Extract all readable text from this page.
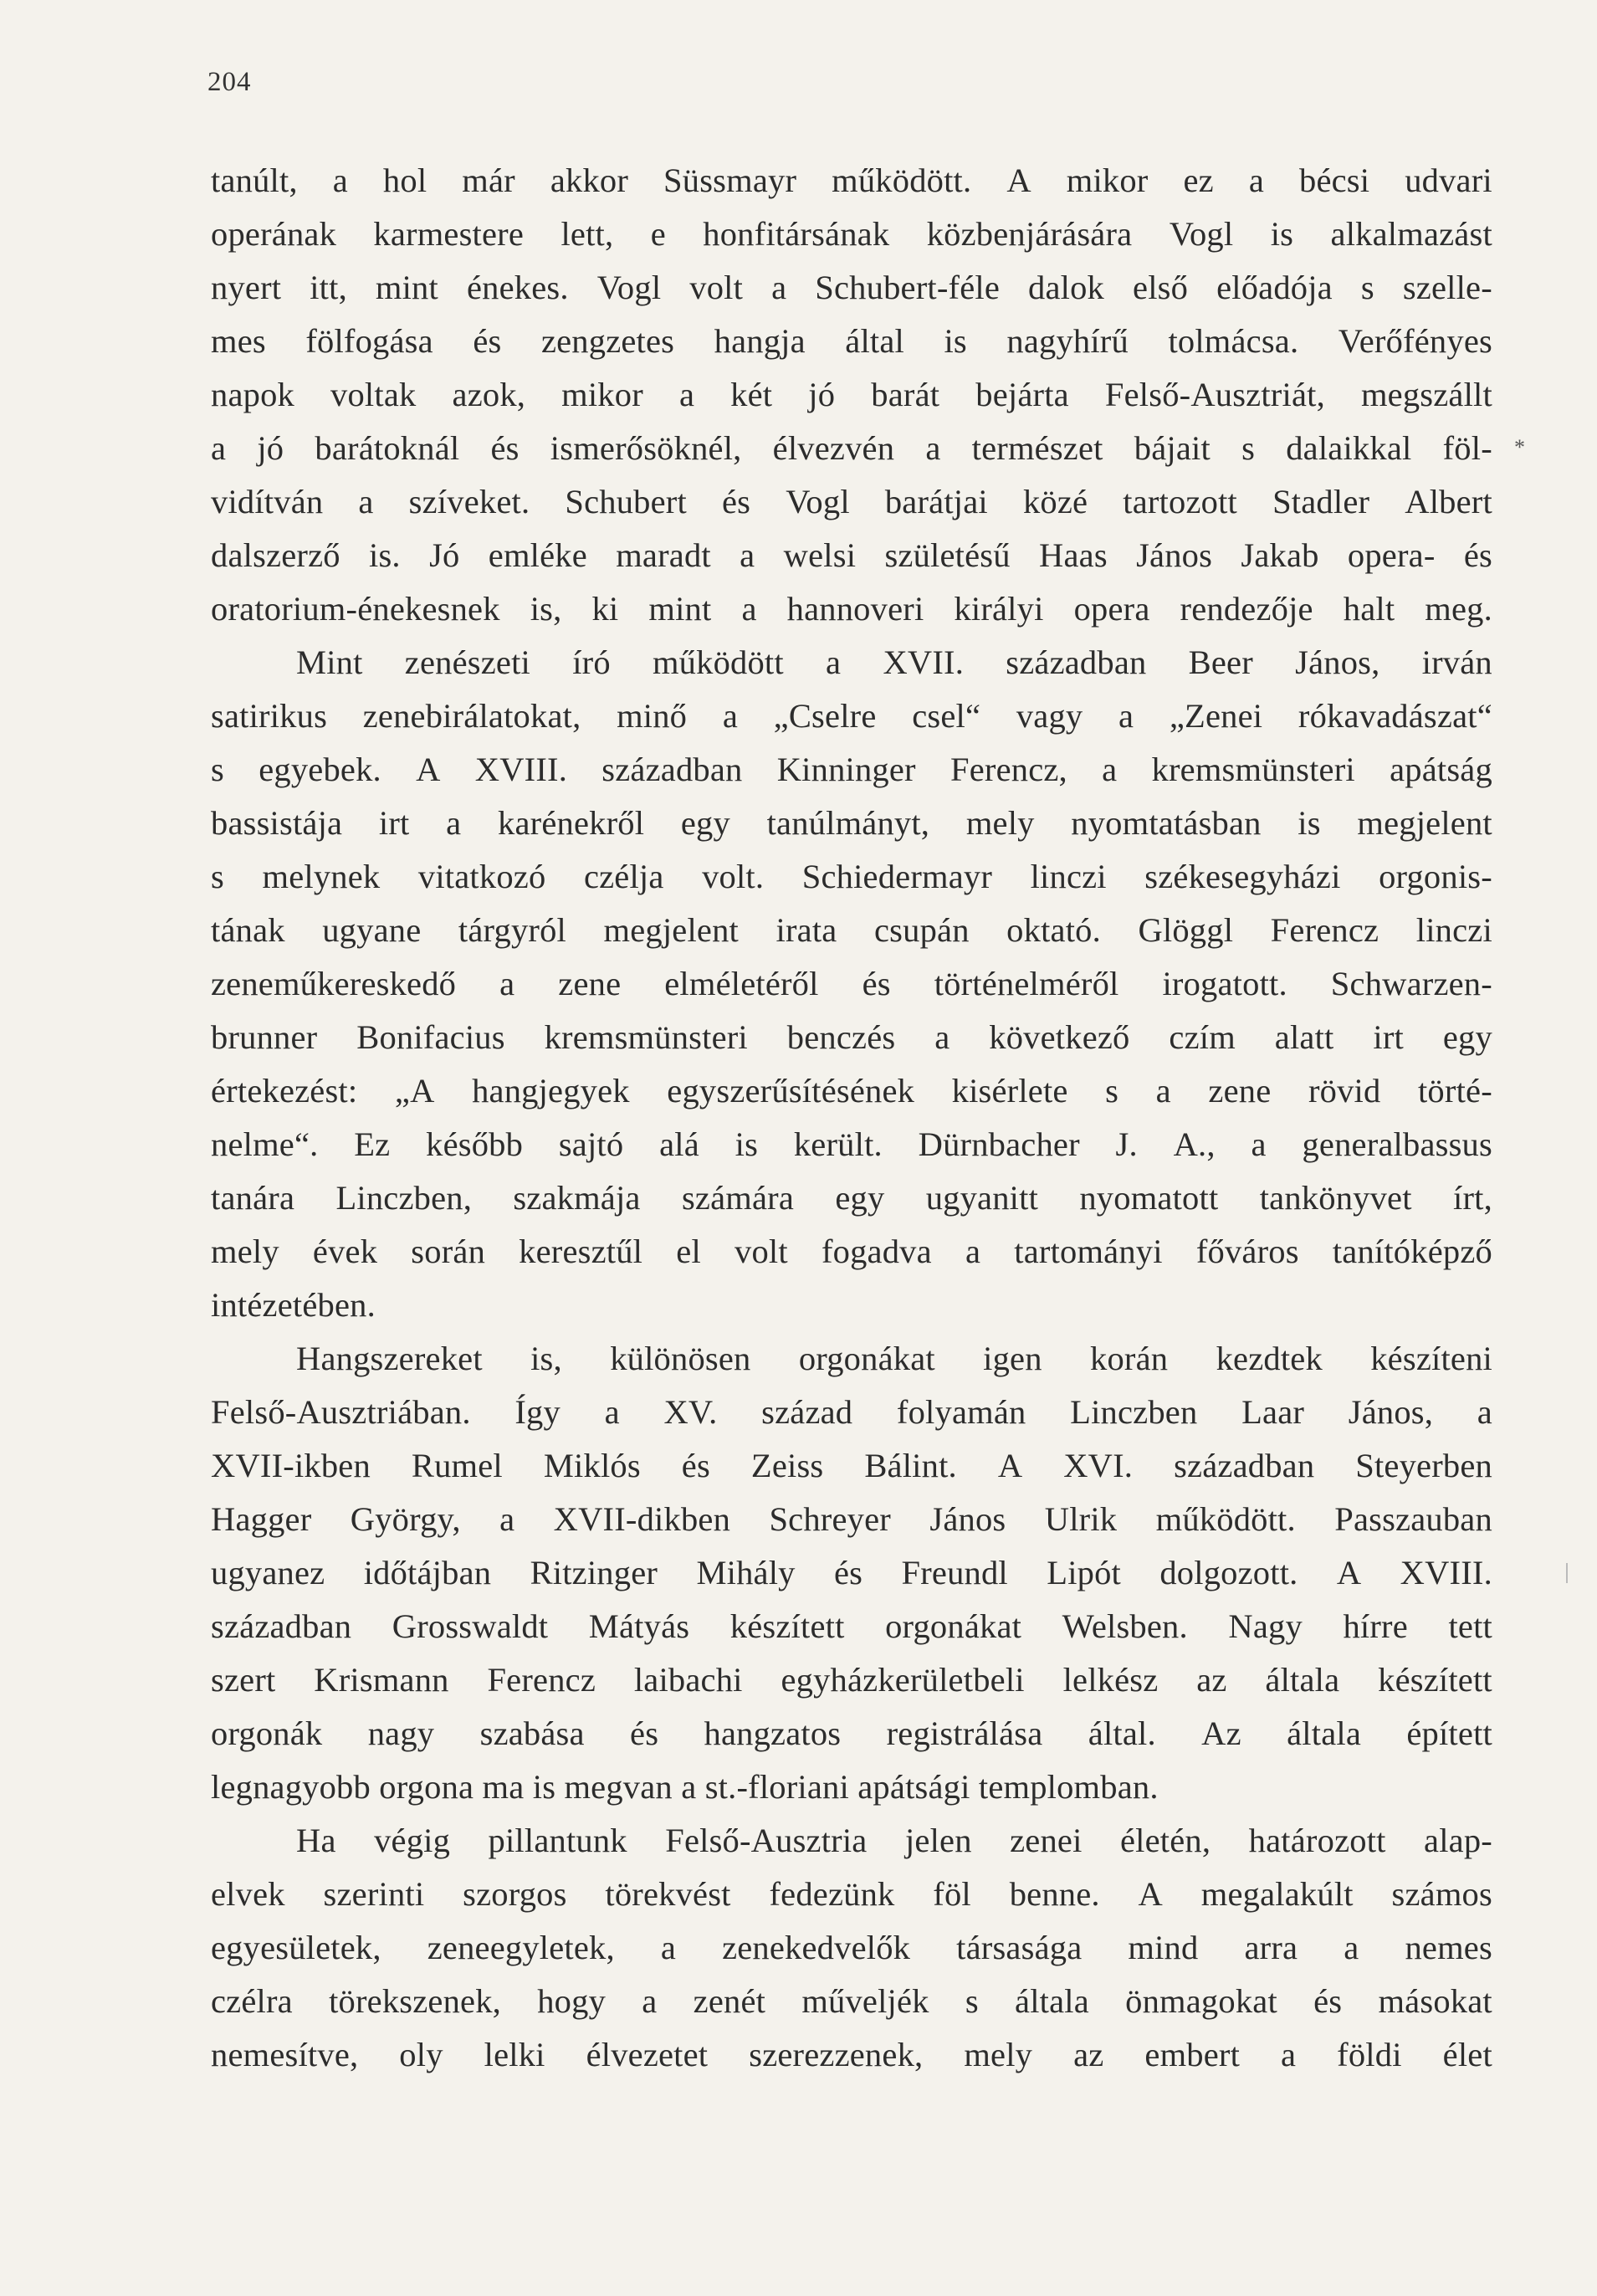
204
*
tanúlt, a hol már akkor Süssmayr működött. A mikor ez a bécsi udvari
operának karmestere lett, e honfitársának közbenjárására Vogl is alkalmazást
nyert itt, mint énekes. Vogl volt a Schubert-féle dalok első előadója s szelle-
mes fölfogása és zengzetes hangja által is nagyhírű tolmácsa. Verőfényes
napok voltak azok, mikor a két jó barát bejárta Felső-Ausztriát, megszállt
a jó barátoknál és ismerősöknél, élvezvén a természet bájait s dalaikkal föl-
vidítván a szíveket. Schubert és Vogl barátjai közé tartozott Stadler Albert
dalszerző is. Jó emléke maradt a welsi születésű Haas János Jakab opera- és
oratorium-énekesnek is, ki mint a hannoveri királyi opera rendezője halt meg.
Mint zenészeti író működött a XVII. században Beer János, irván
satirikus zenebirálatokat, minő a „Cselre csel“ vagy a „Zenei rókavadászat“
s egyebek. A XVIII. században Kinninger Ferencz, a kremsmünsteri apátság
bassistája irt a karénekről egy tanúlmányt, mely nyomtatásban is megjelent
s melynek vitatkozó czélja volt. Schiedermayr linczi székesegyházi orgonis-
tának ugyane tárgyról megjelent irata csupán oktató. Glöggl Ferencz linczi
zeneműkereskedő a zene elméletéről és történelméről irogatott. Schwarzen-
brunner Bonifacius kremsmünsteri benczés a következő czím alatt irt egy
értekezést: „A hangjegyek egyszerűsítésének kisérlete s a zene rövid törté-
nelme“. Ez később sajtó alá is került. Dürnbacher J. A., a generalbassus
tanára Linczben, szakmája számára egy ugyanitt nyomatott tankönyvet írt,
mely évek során keresztűl el volt fogadva a tartományi főváros tanítóképző
intézetében.
Hangszereket is, különösen orgonákat igen korán kezdtek készíteni
Felső-Ausztriában. Így a XV. század folyamán Linczben Laar János, a
XVII-ikben Rumel Miklós és Zeiss Bálint. A XVI. században Steyerben
Hagger György, a XVII-dikben Schreyer János Ulrik működött. Passzauban
ugyanez időtájban Ritzinger Mihály és Freundl Lipót dolgozott. A XVIII.
században Grosswaldt Mátyás készített orgonákat Welsben. Nagy hírre tett
szert Krismann Ferencz laibachi egyházkerületbeli lelkész az általa készített
orgonák nagy szabása és hangzatos registrálása által. Az általa épített
legnagyobb orgona ma is megvan a st.-floriani apátsági templomban.
Ha végig pillantunk Felső-Ausztria jelen zenei életén, határozott alap-
elvek szerinti szorgos törekvést fedezünk föl benne. A megalakúlt számos
egyesületek, zeneegyletek, a zenekedvelők társasága mind arra a nemes
czélra törekszenek, hogy a zenét művelјék s általa önmagokat és másokat
nemesítve, oly lelki élvezetet szerezzenek, mely az embert a földi élet
